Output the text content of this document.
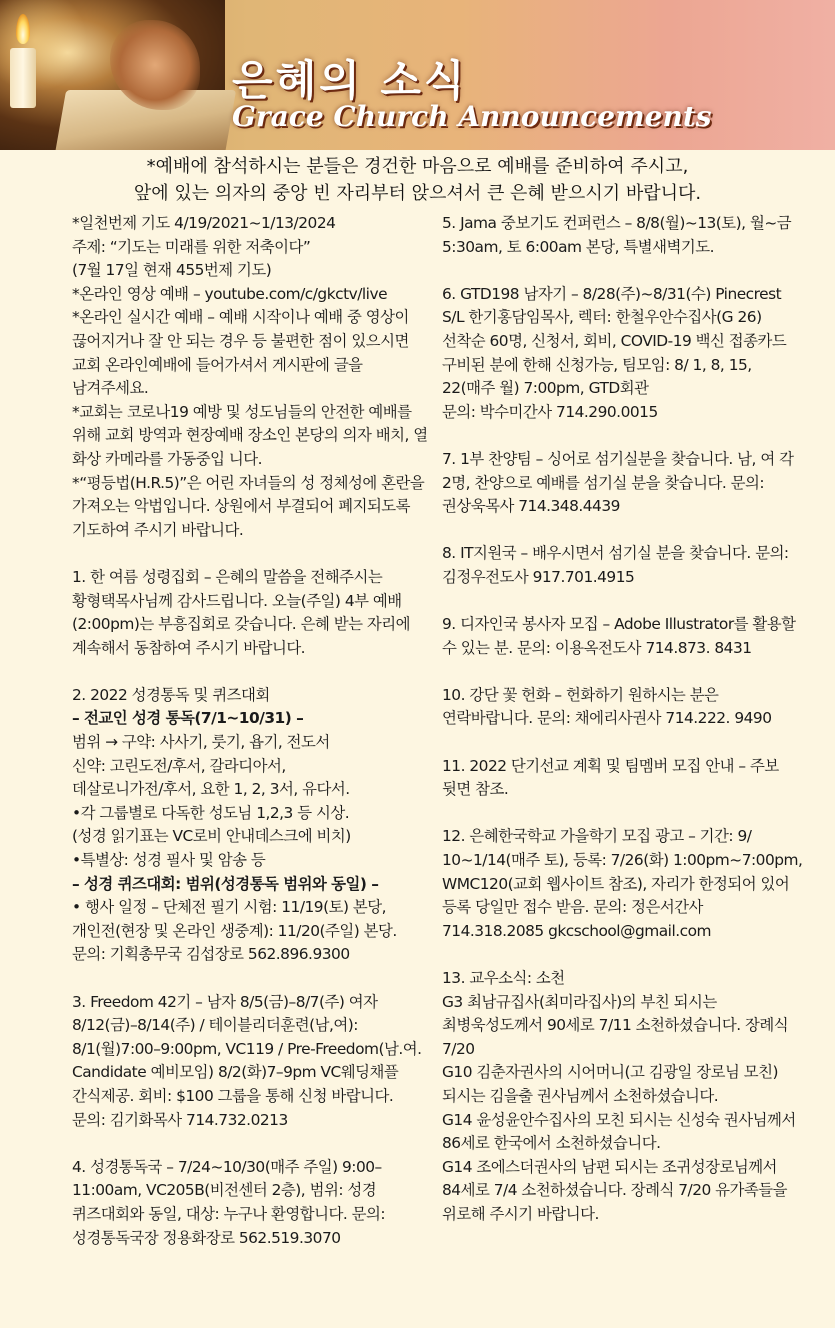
은혜의 소식
Grace Church Announcements
*예배에 참석하시는 분들은 경건한 마음으로 예배를 준비하여 주시고,
앞에 있는 의자의 중앙 빈 자리부터 앉으셔서 큰 은혜 받으시기 바랍니다.

*일천번제 기도 4/19/2021~1/13/2024

주제: “기도는 미래를 위한 저축이다”

(7월 17일 현재 455번제 기도)

*온라인 영상 예배 – youtube.com/c/gkctv/live

*온라인 실시간 예배 – 예배 시작이나 예배 중 영상이 끊어지거나 잘 안 되는 경우 등 불편한 점이 있으시면 교회 온라인예배에 들어가셔서 게시판에 글을 남겨주세요.

*교회는 코로나19 예방 및 성도님들의 안전한 예배를 위해 교회 방역과 현장예배 장소인 본당의 의자 배치, 열 화상 카메라를 가동중입 니다.

*“평등법(H.R.5)”은 어린 자녀들의 성 정체성에 혼란을 가져오는 악법입니다. 상원에서 부결되어 폐지되도록 기도하여 주시기 바랍니다.

1. 한 여름 성령집회 – 은혜의 말씀을 전해주시는 황형택목사님께 감사드립니다. 오늘(주일) 4부 예배(2:00pm)는 부흥집회로 갖습니다. 은혜 받는 자리에 계속해서 동참하여 주시기 바랍니다.

2. 2022 성경통독 및 퀴즈대회

– 전교인 성경 통독(7/1~10/31) –

범위 → 구약: 사사기, 룻기, 욥기, 전도서

신약: 고린도전/후서, 갈라디아서,

데살로니가전/후서, 요한 1, 2, 3서, 유다서.

•각 그룹별로 다독한 성도님 1,2,3 등 시상.

(성경 읽기표는 VC로비 안내데스크에 비치)

•특별상: 성경 필사 및 암송 등

– 성경 퀴즈대회: 범위(성경통독 범위와 동일) –

• 행사 일정 – 단체전 필기 시험: 11/19(토) 본당, 개인전(현장 및 온라인 생중계): 11/20(주일) 본당. 문의: 기획총무국 김섭장로 562.896.9300

3. Freedom 42기 – 남자 8/5(금)–8/7(주) 여자 8/12(금)–8/14(주) / 테이블리더훈련(남,여): 8/1(월)7:00–9:00pm, VC119 / Pre-Freedom(남.여. Candidate 예비모임) 8/2(화)7–9pm VC웨딩채플 간식제공. 회비: $100 그룹을 통해 신청 바랍니다. 문의: 김기화목사 714.732.0213

4. 성경통독국 – 7/24~10/30(매주 주일) 9:00–11:00am, VC205B(비전센터 2층), 범위: 성경 퀴즈대회와 동일, 대상: 누구나 환영합니다. 문의: 성경통독국장 정용화장로 562.519.3070

5. Jama 중보기도 컨퍼런스 – 8/8(월)~13(토), 월~금 5:30am, 토 6:00am 본당, 특별새벽기도.

6. GTD198 남자기 – 8/28(주)~8/31(수) Pinecrest S/L 한기홍담임목사, 렉터: 한철우안수집사(G 26) 선착순 60명, 신청서, 회비, COVID-19 백신 접종카드 구비된 분에 한해 신청가능, 팀모임: 8/ 1, 8, 15, 22(매주 월) 7:00pm, GTD회관

문의: 박수미간사 714.290.0015

7. 1부 찬양팀 – 싱어로 섬기실분을 찾습니다. 남, 여 각 2명, 찬양으로 예배를 섬기실 분을 찾습니다. 문의: 권상욱목사 714.348.4439

8. IT지원국 – 배우시면서 섬기실 분을 찾습니다. 문의: 김정우전도사 917.701.4915

9. 디자인국 봉사자 모집 – Adobe Illustrator를 활용할 수 있는 분. 문의: 이용옥전도사 714.873. 8431

10. 강단 꽃 헌화 – 헌화하기 원하시는 분은 연락바랍니다. 문의: 채에리사권사 714.222. 9490

11. 2022 단기선교 계획 및 팀멤버 모집 안내 – 주보 뒷면 참조.

12. 은혜한국학교 가을학기 모집 광고 – 기간: 9/ 10~1/14(매주 토), 등록: 7/26(화) 1:00pm~7:00pm, WMC120(교회 웹사이트 참조), 자리가 한정되어 있어 등록 당일만 접수 받음. 문의: 정은서간사 714.318.2085 gkcschool@gmail.com

13. 교우소식: 소천

G3 최남규집사(최미라집사)의 부친 되시는 최병욱성도께서 90세로 7/11 소천하셨습니다. 장례식 7/20

G10 김춘자권사의 시어머니(고 김광일 장로님 모친)되시는 김을출 권사님께서 소천하셨습니다.

G14 윤성윤안수집사의 모친 되시는 신성숙 권사님께서 86세로 한국에서 소천하셨습니다.

G14 조에스더권사의 남편 되시는 조귀성장로님께서 84세로 7/4 소천하셨습니다. 장례식 7/20 유가족들을 위로해 주시기 바랍니다.
